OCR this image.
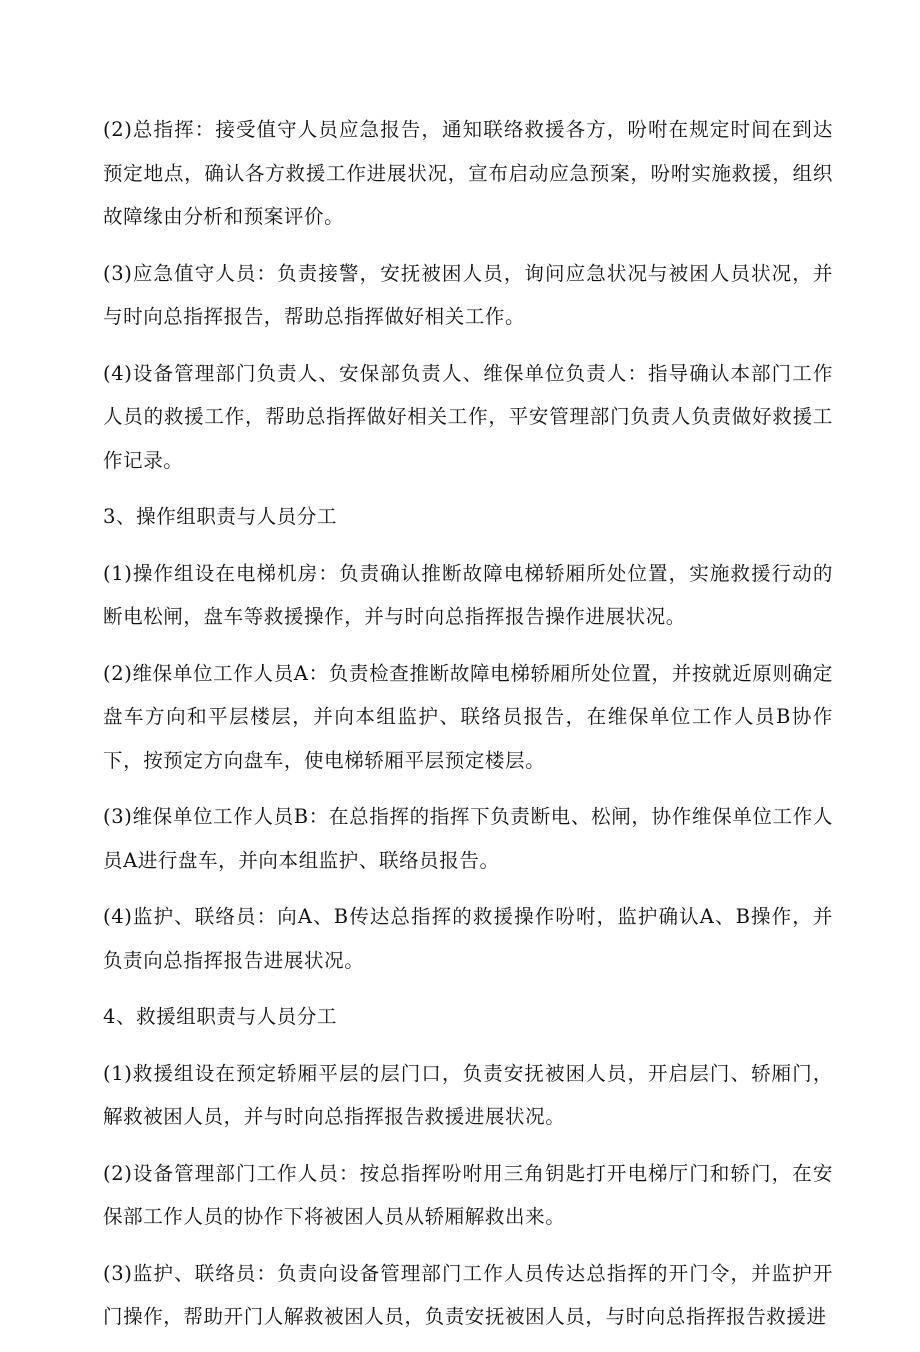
(2)总指挥：接受值守人员应急报告，通知联络救援各方，吩咐在规定时间在到达预定地点，确认各方救援工作进展状况，宣布启动应急预案，吩咐实施救援，组织故障缘由分析和预案评价。

(3)应急值守人员：负责接警，安抚被困人员，询问应急状况与被困人员状况，并与时向总指挥报告，帮助总指挥做好相关工作。

(4)设备管理部门负责人、安保部负责人、维保单位负责人：指导确认本部门工作人员的救援工作，帮助总指挥做好相关工作，平安管理部门负责人负责做好救援工作记录。

3、操作组职责与人员分工

(1)操作组设在电梯机房：负责确认推断故障电梯轿厢所处位置，实施救援行动的断电松闸，盘车等救援操作，并与时向总指挥报告操作进展状况。

(2)维保单位工作人员A：负责检查推断故障电梯轿厢所处位置，并按就近原则确定盘车方向和平层楼层，并向本组监护、联络员报告，在维保单位工作人员B协作下，按预定方向盘车，使电梯轿厢平层预定楼层。

(3)维保单位工作人员B：在总指挥的指挥下负责断电、松闸，协作维保单位工作人员A进行盘车，并向本组监护、联络员报告。

(4)监护、联络员：向A、B传达总指挥的救援操作吩咐，监护确认A、B操作，并负责向总指挥报告进展状况。

4、救援组职责与人员分工

(1)救援组设在预定轿厢平层的层门口，负责安抚被困人员，开启层门、轿厢门，解救被困人员，并与时向总指挥报告救援进展状况。

(2)设备管理部门工作人员：按总指挥吩咐用三角钥匙打开电梯厅门和轿门，在安保部工作人员的协作下将被困人员从轿厢解救出来。

(3)监护、联络员：负责向设备管理部门工作人员传达总指挥的开门令，并监护开门操作，帮助开门人解救被困人员，负责安抚被困人员，与时向总指挥报告救援进
